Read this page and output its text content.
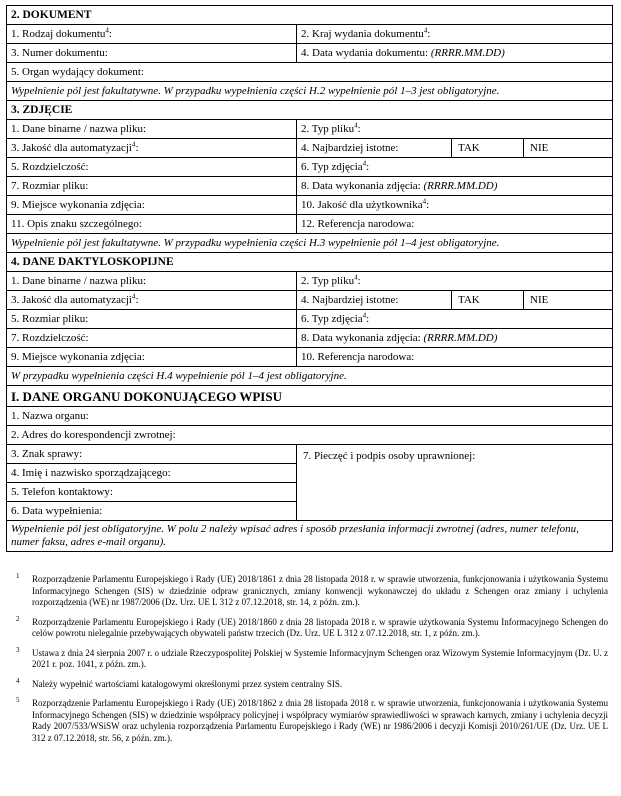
2. DOKUMENT			
1. Rodzaj dokumentu$^4$:	2. Kraj wydania dokumentu$^4$:		
3. Numer dokumentu:	4. Data wydania dokumentu: (RRRR.MM.DD)		
5. Organ wydający dokument:			
Wypełnienie pól jest fakultatywne. W przypadku wypełnienia części H.2 wypełnienie pól 1–3 jest obligatoryjne.			
3. ZDJĘCIE			
1. Dane binarne / nazwa pliku:	2. Typ pliku$^4$:		
3. Jakość dla automatyzacji$^4$:	4. Najbardziej istotne:	TAK	NIE
5. Rozdzielczość:	6. Typ zdjęcia$^4$:		
7. Rozmiar pliku:	8. Data wykonania zdjęcia: (RRRR.MM.DD)		
9. Miejsce wykonania zdjęcia:	10. Jakość dla użytkownika$^4$:		
11. Opis znaku szczególnego:	12. Referencja narodowa:		
Wypełnienie pól jest fakultatywne. W przypadku wypełnienia części H.3 wypełnienie pól 1–4 jest obligatoryjne.			
4. DANE DAKTYLOSKOPIJNE			
1. Dane binarne / nazwa pliku:	2. Typ pliku$^4$:		
3. Jakość dla automatyzacji$^4$:	4. Najbardziej istotne:	TAK	NIE
5. Rozmiar pliku:	6. Typ zdjęcia$^4$:		
7. Rozdzielczość:	8. Data wykonania zdjęcia: (RRRR.MM.DD)		
9. Miejsce wykonania zdjęcia:	10. Referencja narodowa:		
W przypadku wypełnienia części H.4 wypełnienie pól 1–4 jest obligatoryjne.			
I. DANE ORGANU DOKONUJĄCEGO WPISU			
1. Nazwa organu:			
2. Adres do korespondencji zwrotnej:			
3. Znak sprawy:	7. Pieczęć i podpis osoby uprawnionej:		
4. Imię i nazwisko sporządzającego:			
5. Telefon kontaktowy:			
6. Data wypełnienia:			
Wypełnienie pól jest obligatoryjne. W polu 2 należy wpisać adres i sposób przesłania informacji zwrotnej (adres, numer telefonu, numer faksu, adres e-mail organu).			
1 Rozporządzenie Parlamentu Europejskiego i Rady (UE) 2018/1861 z dnia 28 listopada 2018 r. w sprawie utworzenia, funkcjonowania i użytkowania Systemu Informacyjnego Schengen (SIS) w dziedzinie odpraw granicznych, zmiany konwencji wykonawczej do układu z Schengen oraz zmiany i uchylenia rozporządzenia (WE) nr 1987/2006 (Dz. Urz. UE L 312 z 07.12.2018, str. 14, z późn. zm.).
2 Rozporządzenie Parlamentu Europejskiego i Rady (UE) 2018/1860 z dnia 28 listopada 2018 r. w sprawie użytkowania Systemu Informacyjnego Schengen do celów powrotu nielegalnie przebywających obywateli państw trzecich (Dz. Urz. UE L 312 z 07.12.2018, str. 1, z późn. zm.).
3 Ustawa z dnia 24 sierpnia 2007 r. o udziale Rzeczypospolitej Polskiej w Systemie Informacyjnym Schengen oraz Wizowym Systemie Informacyjnym (Dz. U. z 2021 r. poz. 1041, z późn. zm.).
4 Należy wypełnić wartościami katalogowymi określonymi przez system centralny SIS.
5 Rozporządzenie Parlamentu Europejskiego i Rady (UE) 2018/1862 z dnia 28 listopada 2018 r. w sprawie utworzenia, funkcjonowania i użytkowania Systemu Informacyjnego Schengen (SIS) w dziedzinie współpracy policyjnej i współpracy wymiarów sprawiedliwości w sprawach karnych, zmiany i uchylenia decyzji Rady 2007/533/WSiSW oraz uchylenia rozporządzenia Parlamentu Europejskiego i Rady (WE) nr 1986/2006 i decyzji Komisji 2010/261/UE (Dz. Urz. UE L 312 z 07.12.2018, str. 56, z późn. zm.).
